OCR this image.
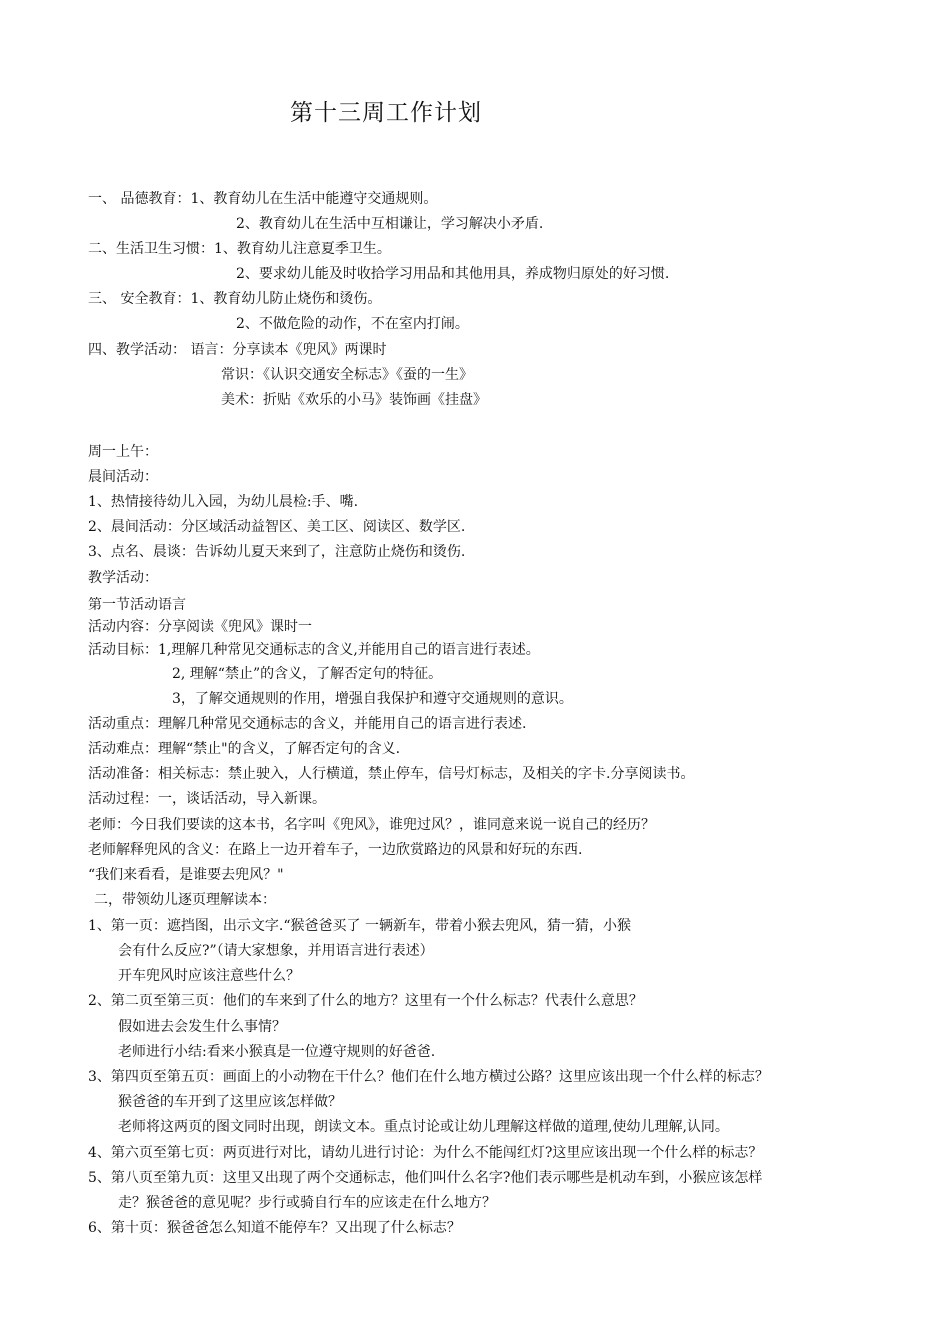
第十三周工作计划
一、 品德教育：1、教育幼儿在生活中能遵守交通规则。
2、教育幼儿在生活中互相谦让，学习解决小矛盾.
二、生活卫生习惯：1、教育幼儿注意夏季卫生。
2、要求幼儿能及时收拾学习用品和其他用具，养成物归原处的好习惯.
三、 安全教育：1、教育幼儿防止烧伤和烫伤。
2、不做危险的动作，不在室内打闹。
四、教学活动： 语言：分享读本《兜风》两课时
常识：《认识交通安全标志》《蚕的一生》
美术：折贴《欢乐的小马》装饰画《挂盘》
周一上午：
晨间活动：
1、热情接待幼儿入园，为幼儿晨检:手、嘴.
2、晨间活动：分区域活动益智区、美工区、阅读区、数学区.
3、点名、晨谈：告诉幼儿夏天来到了，注意防止烧伤和烫伤.
教学活动：
第一节活动语言
活动内容：分享阅读《兜风》课时一
活动目标：1,理解几种常见交通标志的含义,并能用自己的语言进行表述。
2, 理解“禁止”的含义，了解否定句的特征。
3，了解交通规则的作用，增强自我保护和遵守交通规则的意识。
活动重点：理解几种常见交通标志的含义，并能用自己的语言进行表述.
活动难点：理解“禁止"的含义，了解否定句的含义.
活动准备：相关标志：禁止驶入，人行横道，禁止停车，信号灯标志，及相关的字卡.分享阅读书。
活动过程：一，谈话活动，导入新课。
老师：今日我们要读的这本书，名字叫《兜风》，谁兜过风？，谁同意来说一说自己的经历？
老师解释兜风的含义：在路上一边开着车子，一边欣赏路边的风景和好玩的东西.
“我们来看看，是谁要去兜风？"
二，带领幼儿逐页理解读本：
1、第一页：遮挡图，出示文字.“猴爸爸买了 一辆新车，带着小猴去兜风，猜一猜，小猴
会有什么反应?”（请大家想象，并用语言进行表述）
开车兜风时应该注意些什么？
2、第二页至第三页：他们的车来到了什么的地方？这里有一个什么标志？代表什么意思？
假如进去会发生什么事情？
老师进行小结:看来小猴真是一位遵守规则的好爸爸.
3、第四页至第五页：画面上的小动物在干什么？他们在什么地方横过公路？这里应该出现一个什么样的标志？
猴爸爸的车开到了这里应该怎样做？
老师将这两页的图文同时出现，朗读文本。重点讨论或让幼儿理解这样做的道理,使幼儿理解,认同。
4、第六页至第七页：两页进行对比，请幼儿进行讨论：为什么不能闯红灯?这里应该出现一个什么样的标志？
5、第八页至第九页：这里又出现了两个交通标志，他们叫什么名字?他们表示哪些是机动车到，小猴应该怎样
走？猴爸爸的意见呢？步行或骑自行车的应该走在什么地方？
6、第十页：猴爸爸怎么知道不能停车？又出现了什么标志？
